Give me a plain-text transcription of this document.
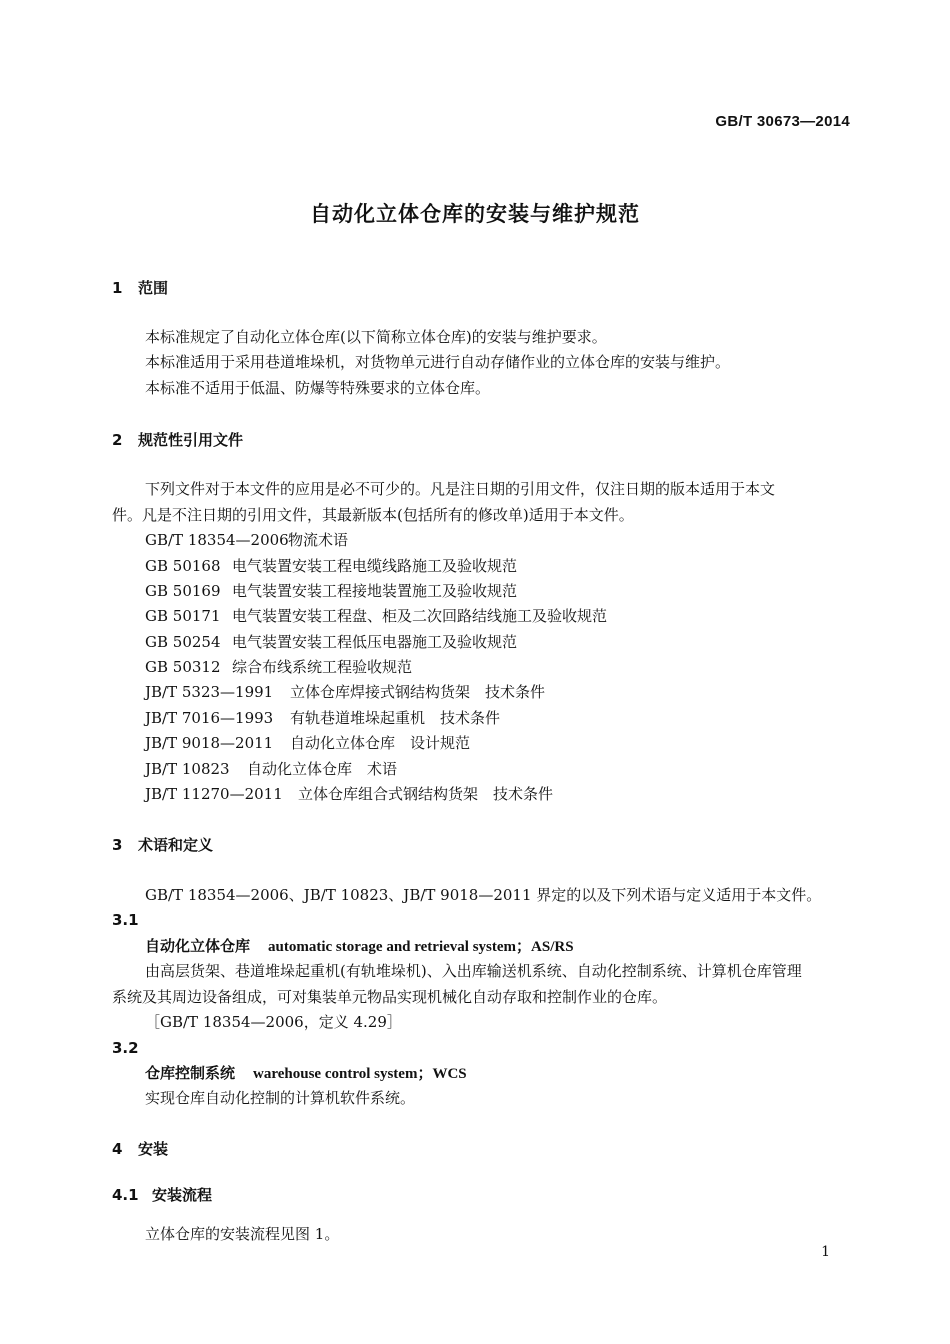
GB/T 30673—2014
自动化立体仓库的安装与维护规范
1 范围
本标准规定了自动化立体仓库(以下简称立体仓库)的安装与维护要求。
本标准适用于采用巷道堆垛机，对货物单元进行自动存储作业的立体仓库的安装与维护。
本标准不适用于低温、防爆等特殊要求的立体仓库。
2 规范性引用文件
下列文件对于本文件的应用是必不可少的。凡是注日期的引用文件，仅注日期的版本适用于本文
件。凡是不注日期的引用文件，其最新版本(包括所有的修改单)适用于本文件。
GB/T 18354—2006物流术语
GB 50168 电气装置安装工程电缆线路施工及验收规范
GB 50169 电气装置安装工程接地装置施工及验收规范
GB 50171 电气装置安装工程盘、柜及二次回路结线施工及验收规范
GB 50254 电气装置安装工程低压电器施工及验收规范
GB 50312 综合布线系统工程验收规范
JB/T 5323—1991 立体仓库焊接式钢结构货架　技术条件
JB/T 7016—1993 有轨巷道堆垛起重机　技术条件
JB/T 9018—2011 自动化立体仓库　设计规范
JB/T 10823 自动化立体仓库　术语
JB/T 11270—2011 立体仓库组合式钢结构货架　技术条件
3 术语和定义
GB/T 18354—2006、JB/T 10823、JB/T 9018—2011 界定的以及下列术语与定义适用于本文件。
3.1
自动化立体仓库 automatic storage and retrieval system；AS/RS
由高层货架、巷道堆垛起重机(有轨堆垛机)、入出库输送机系统、自动化控制系统、计算机仓库管理
系统及其周边设备组成，可对集装单元物品实现机械化自动存取和控制作业的仓库。
［GB/T 18354—2006，定义 4.29］
3.2
仓库控制系统 warehouse control system；WCS
实现仓库自动化控制的计算机软件系统。
4 安装
4.1 安装流程
立体仓库的安装流程见图 1。
1
